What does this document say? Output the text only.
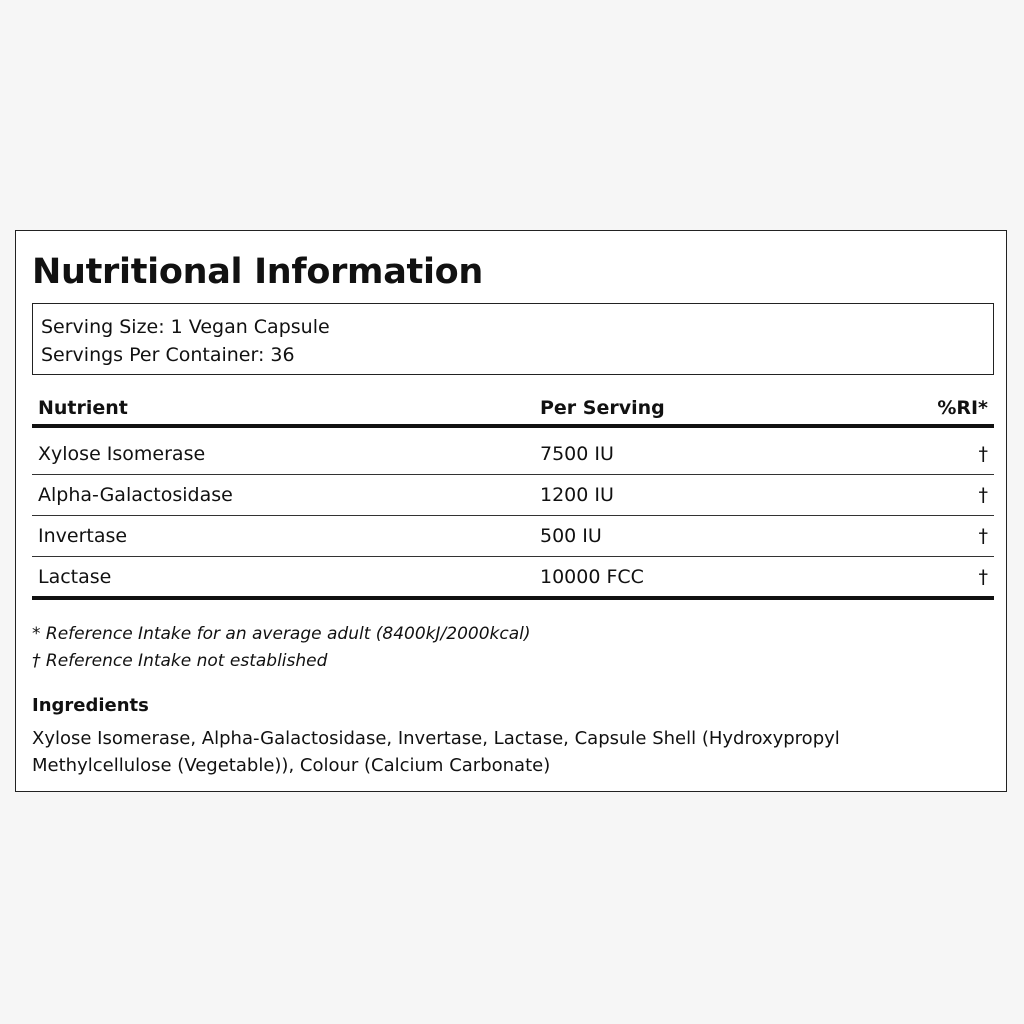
Nutritional Information
Serving Size: 1 Vegan Capsule
Servings Per Container: 36
Nutrient	Per Serving	%RI*
Xylose Isomerase	7500 IU	†
Alpha-Galactosidase	1200 IU	†
Invertase	500 IU	†
Lactase	10000 FCC	†
* Reference Intake for an average adult (8400kJ/2000kcal)
† Reference Intake not established
Ingredients

Xylose Isomerase, Alpha-Galactosidase, Invertase, Lactase, Capsule Shell (Hydroxypropyl Methylcellulose (Vegetable)), Colour (Calcium Carbonate)
